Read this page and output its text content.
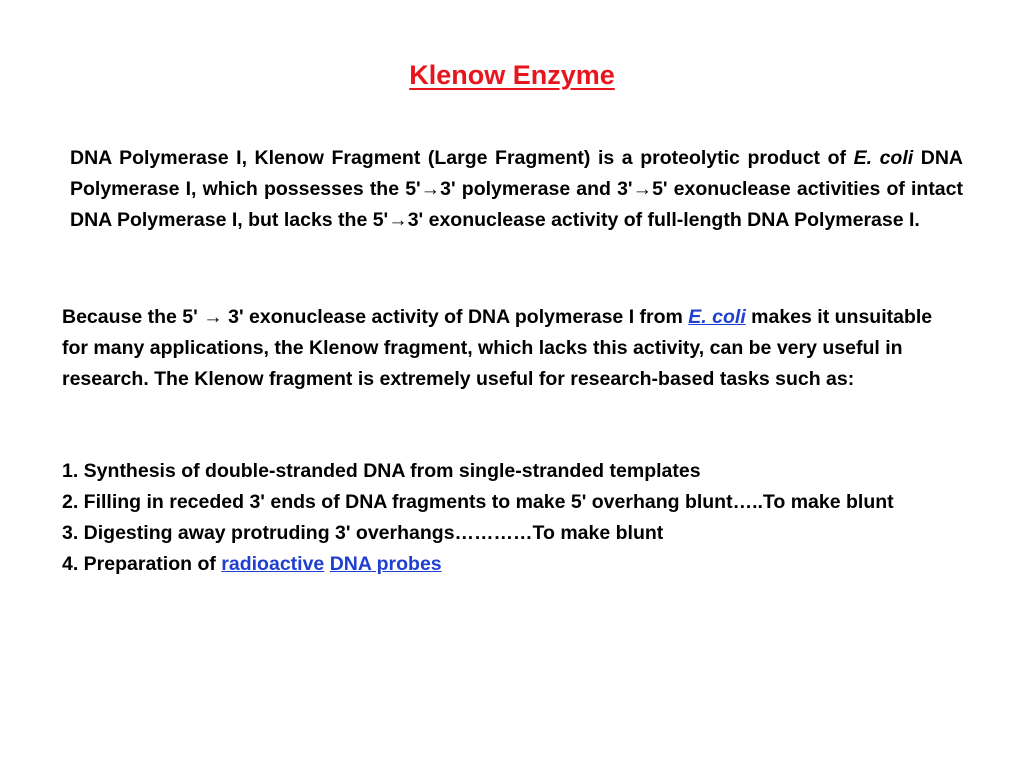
Klenow Enzyme

DNA Polymerase I, Klenow Fragment (Large Fragment) is a proteolytic product of E. coli DNA Polymerase I, which possesses the 5'→3' polymerase and 3'→5' exonuclease activities of intact DNA Polymerase I, but lacks the 5'→3' exonuclease activity of full-length DNA Polymerase I.

Because the 5' → 3' exonuclease activity of DNA polymerase I from E. coli makes it unsuitable for many applications, the Klenow fragment, which lacks this activity, can be very useful in research. The Klenow fragment is extremely useful for research-based tasks such as:

1. Synthesis of double-stranded DNA from single-stranded templates
2. Filling in receded 3' ends of DNA fragments to make 5' overhang blunt…..To make blunt
3. Digesting away protruding 3' overhangs…………To make blunt
4. Preparation of radioactive DNA probes
